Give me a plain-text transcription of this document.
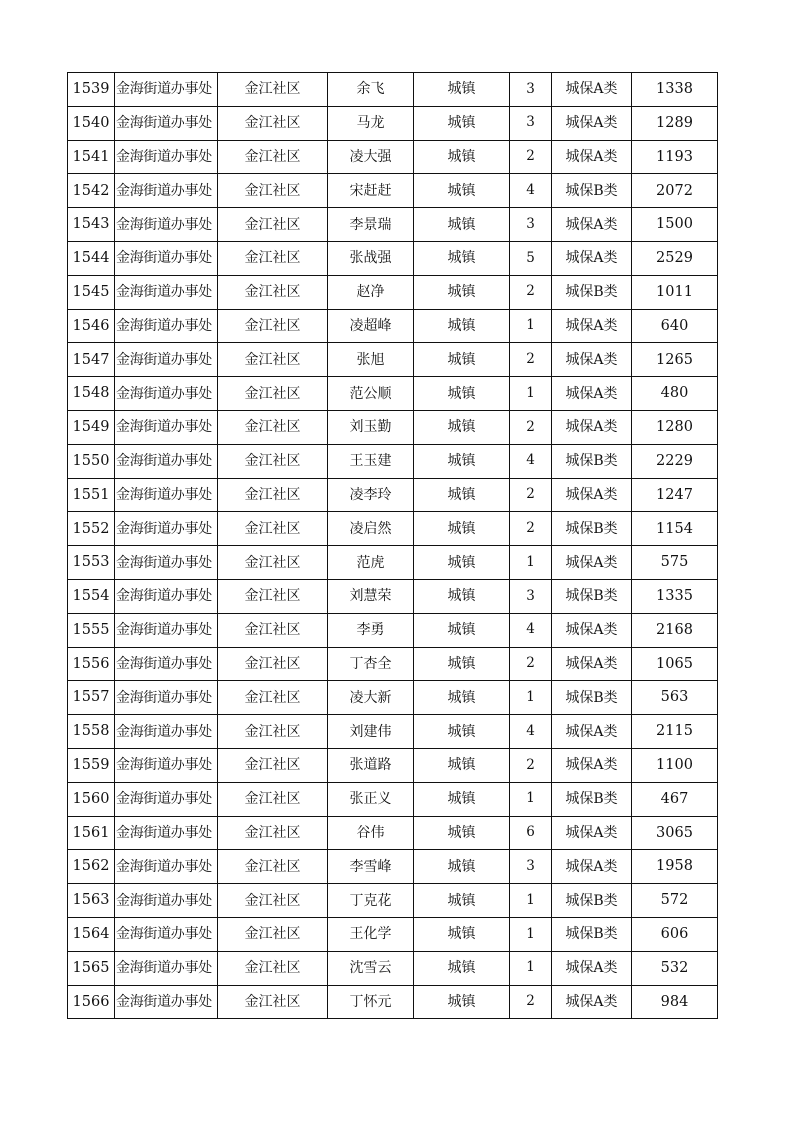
1539	金海街道办事处	金江社区	余飞	城镇	3	城保A类	1338
1540	金海街道办事处	金江社区	马龙	城镇	3	城保A类	1289
1541	金海街道办事处	金江社区	凌大强	城镇	2	城保A类	1193
1542	金海街道办事处	金江社区	宋赶赶	城镇	4	城保B类	2072
1543	金海街道办事处	金江社区	李景瑞	城镇	3	城保A类	1500
1544	金海街道办事处	金江社区	张战强	城镇	5	城保A类	2529
1545	金海街道办事处	金江社区	赵净	城镇	2	城保B类	1011
1546	金海街道办事处	金江社区	凌超峰	城镇	1	城保A类	640
1547	金海街道办事处	金江社区	张旭	城镇	2	城保A类	1265
1548	金海街道办事处	金江社区	范公顺	城镇	1	城保A类	480
1549	金海街道办事处	金江社区	刘玉勤	城镇	2	城保A类	1280
1550	金海街道办事处	金江社区	王玉建	城镇	4	城保B类	2229
1551	金海街道办事处	金江社区	凌李玲	城镇	2	城保A类	1247
1552	金海街道办事处	金江社区	凌启然	城镇	2	城保B类	1154
1553	金海街道办事处	金江社区	范虎	城镇	1	城保A类	575
1554	金海街道办事处	金江社区	刘慧荣	城镇	3	城保B类	1335
1555	金海街道办事处	金江社区	李勇	城镇	4	城保A类	2168
1556	金海街道办事处	金江社区	丁杏全	城镇	2	城保A类	1065
1557	金海街道办事处	金江社区	凌大新	城镇	1	城保B类	563
1558	金海街道办事处	金江社区	刘建伟	城镇	4	城保A类	2115
1559	金海街道办事处	金江社区	张道路	城镇	2	城保A类	1100
1560	金海街道办事处	金江社区	张正义	城镇	1	城保B类	467
1561	金海街道办事处	金江社区	谷伟	城镇	6	城保A类	3065
1562	金海街道办事处	金江社区	李雪峰	城镇	3	城保A类	1958
1563	金海街道办事处	金江社区	丁克花	城镇	1	城保B类	572
1564	金海街道办事处	金江社区	王化学	城镇	1	城保B类	606
1565	金海街道办事处	金江社区	沈雪云	城镇	1	城保A类	532
1566	金海街道办事处	金江社区	丁怀元	城镇	2	城保A类	984
